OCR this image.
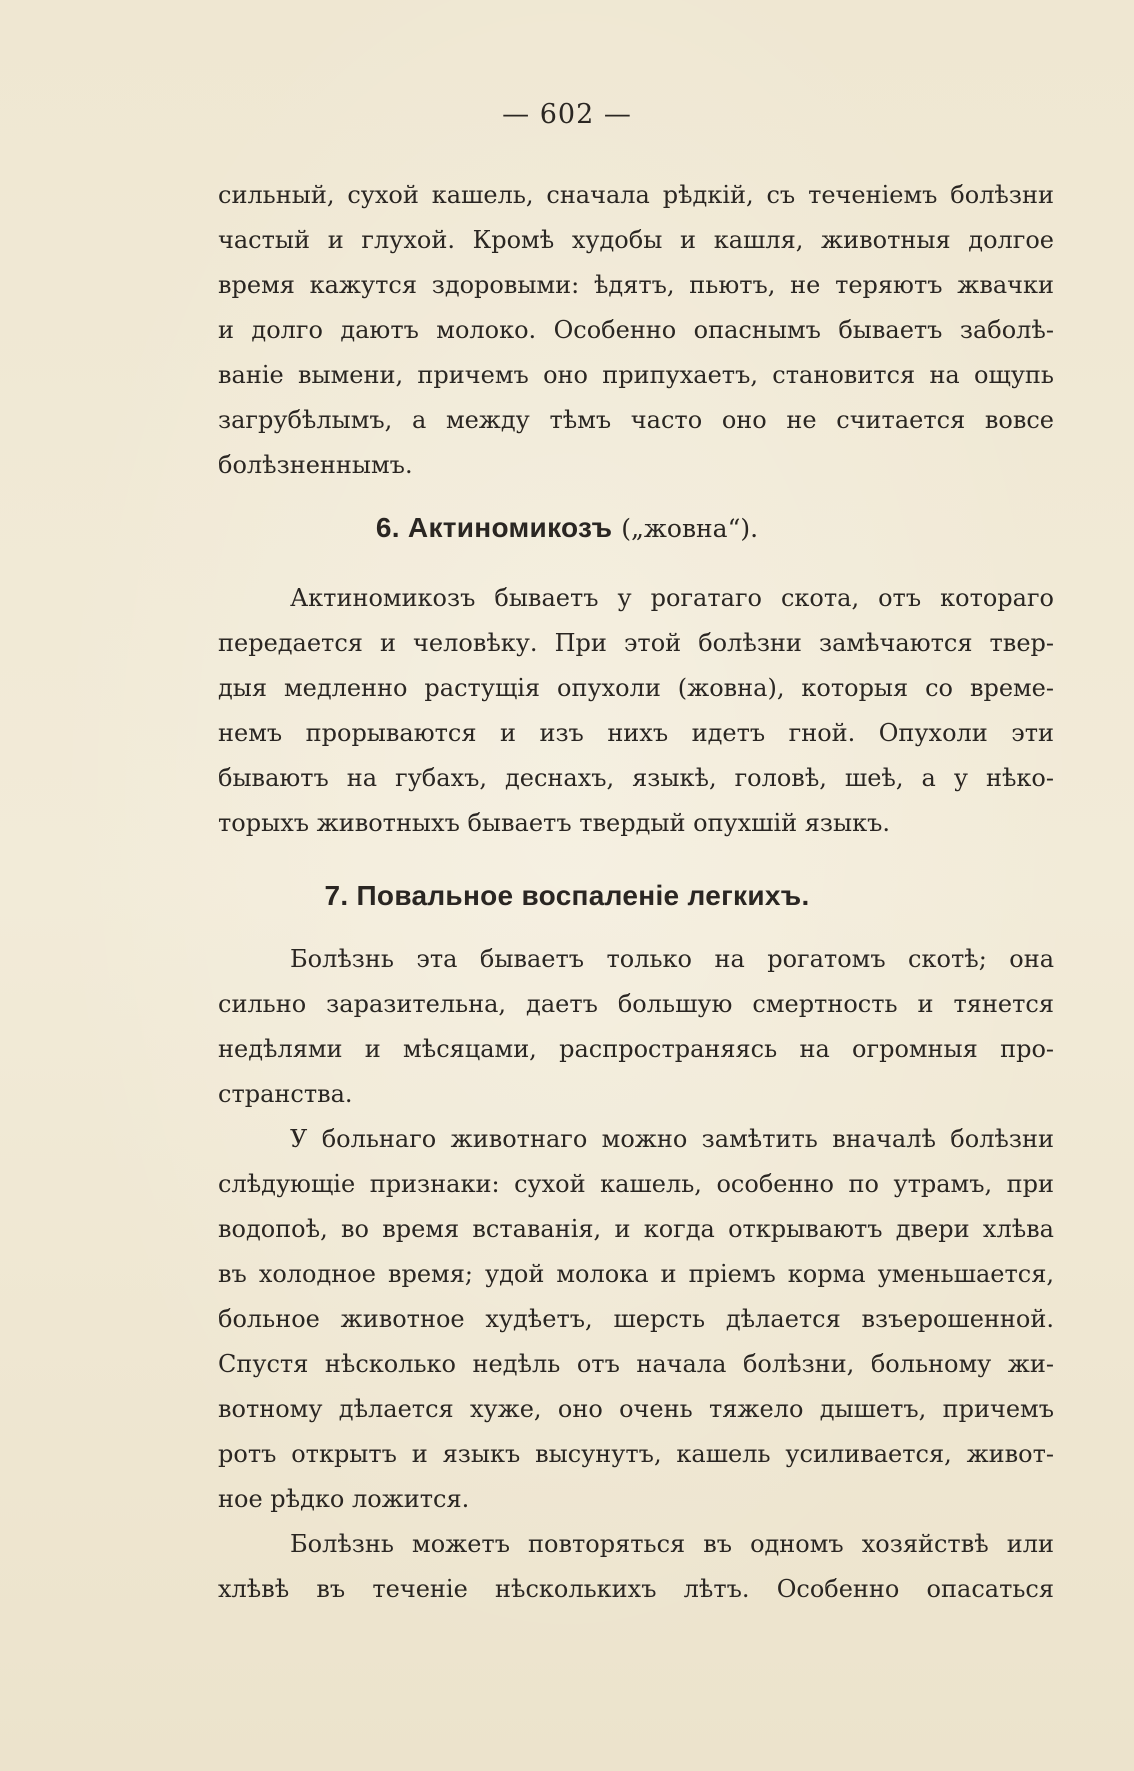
— 602 —
сильный, сухой кашель, сначала рѣдкій, съ теченіемъ болѣзни
частый и глухой. Кромѣ худобы и кашля, животныя долгое
время кажутся здоровыми: ѣдятъ, пьютъ, не теряютъ жвачки
и долго даютъ молоко. Особенно опаснымъ бываетъ заболѣ-
ваніе вымени, причемъ оно припухаетъ, становится на ощупь
загрубѣлымъ, а между тѣмъ часто оно не считается вовсе
болѣзненнымъ.
6. Актиномикозъ („жовна“).
Актиномикозъ бываетъ у рогатаго скота, отъ котораго
передается и человѣку. При этой болѣзни замѣчаются твер-
дыя медленно растущія опухоли (жовна), которыя со време-
немъ прорываются и изъ нихъ идетъ гной. Опухоли эти
бываютъ на губахъ, деснахъ, языкѣ, головѣ, шеѣ, а у нѣко-
торыхъ животныхъ бываетъ твердый опухшій языкъ.
7. Повальное воспаленіе легкихъ.
Болѣзнь эта бываетъ только на рогатомъ скотѣ; она
сильно заразительна, даетъ большую смертность и тянется
недѣлями и мѣсяцами, распространяясь на огромныя про-
странства.
У больнаго животнаго можно замѣтить вначалѣ болѣзни
слѣдующіе признаки: сухой кашель, особенно по утрамъ, при
водопоѣ, во время вставанія, и когда открываютъ двери хлѣва
въ холодное время; удой молока и пріемъ корма уменьшается,
больное животное худѣетъ, шерсть дѣлается взъерошенной.
Спустя нѣсколько недѣль отъ начала болѣзни, больному жи-
вотному дѣлается хуже, оно очень тяжело дышетъ, причемъ
ротъ открытъ и языкъ высунутъ, кашель усиливается, живот-
ное рѣдко ложится.
Болѣзнь можетъ повторяться въ одномъ хозяйствѣ или
хлѣвѣ въ теченіе нѣсколькихъ лѣтъ. Особенно опасаться
